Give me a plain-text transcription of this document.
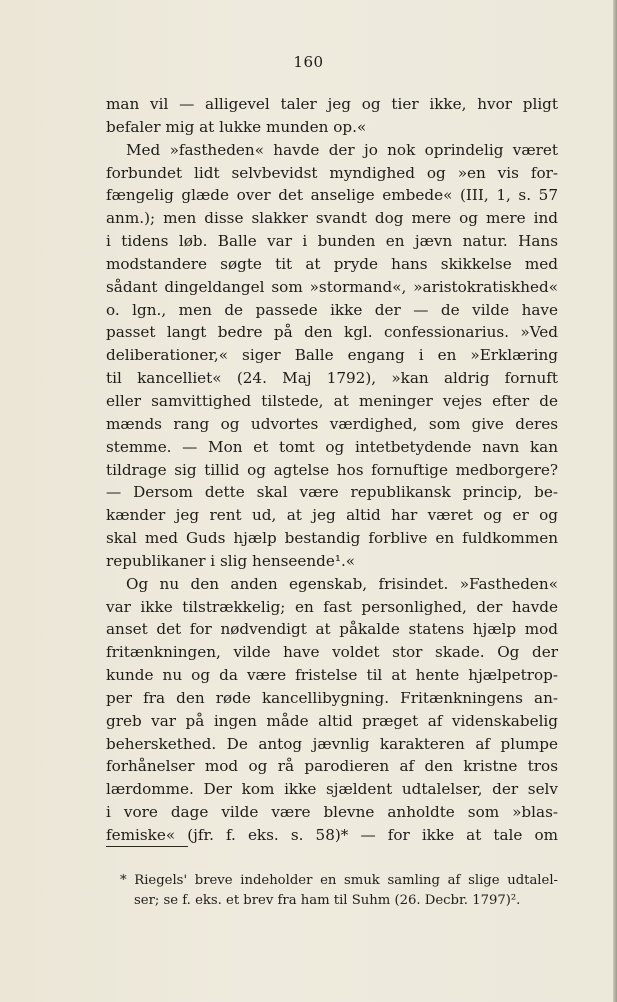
160
man vil — alligevel taler jeg og tier ikke, hvor pligt
befaler mig at lukke munden op.«
Med »fastheden« havde der jo nok oprindelig været
forbundet lidt selvbevidst myndighed og »en vis for-
fængelig glæde over det anselige embede« (III, 1, s. 57
anm.); men disse slakker svandt dog mere og mere ind
i tidens løb. Balle var i bunden en jævn natur. Hans
modstandere søgte tit at pryde hans skikkelse med
sådant dingeldangel som »stormand«, »aristokratiskhed«
o. lgn., men de passede ikke der — de vilde have
passet langt bedre på den kgl. confessionarius. »Ved
deliberationer,« siger Balle engang i en »Erklæring
til kancelliet« (24. Maj 1792), »kan aldrig fornuft
eller samvittighed tilstede, at meninger vejes efter de
mænds rang og udvortes værdighed, som give deres
stemme. — Mon et tomt og intetbetydende navn kan
tildrage sig tillid og agtelse hos fornuftige medborgere?
— Dersom dette skal være republikansk princip, be-
kænder jeg rent ud, at jeg altid har været og er og
skal med Guds hjælp bestandig forblive en fuldkommen
republikaner i slig henseende¹.«
Og nu den anden egenskab, frisindet. »Fastheden«
var ikke tilstrækkelig; en fast personlighed, der havde
anset det for nødvendigt at påkalde statens hjælp mod
fritænkningen, vilde have voldet stor skade. Og der
kunde nu og da være fristelse til at hente hjælpetrop-
per fra den røde kancellibygning. Fritænkningens an-
greb var på ingen måde altid præget af videnskabelig
beherskethed. De antog jævnlig karakteren af plumpe
forhånelser mod og rå parodieren af den kristne tros
lærdomme. Der kom ikke sjældent udtalelser, der selv
i vore dage vilde være blevne anholdte som »blas-
femiske« (jfr. f. eks. s. 58)* — for ikke at tale om
* Riegels' breve indeholder en smuk samling af slige udtalel-
ser; se f. eks. et brev fra ham til Suhm (26. Decbr. 1797)².
